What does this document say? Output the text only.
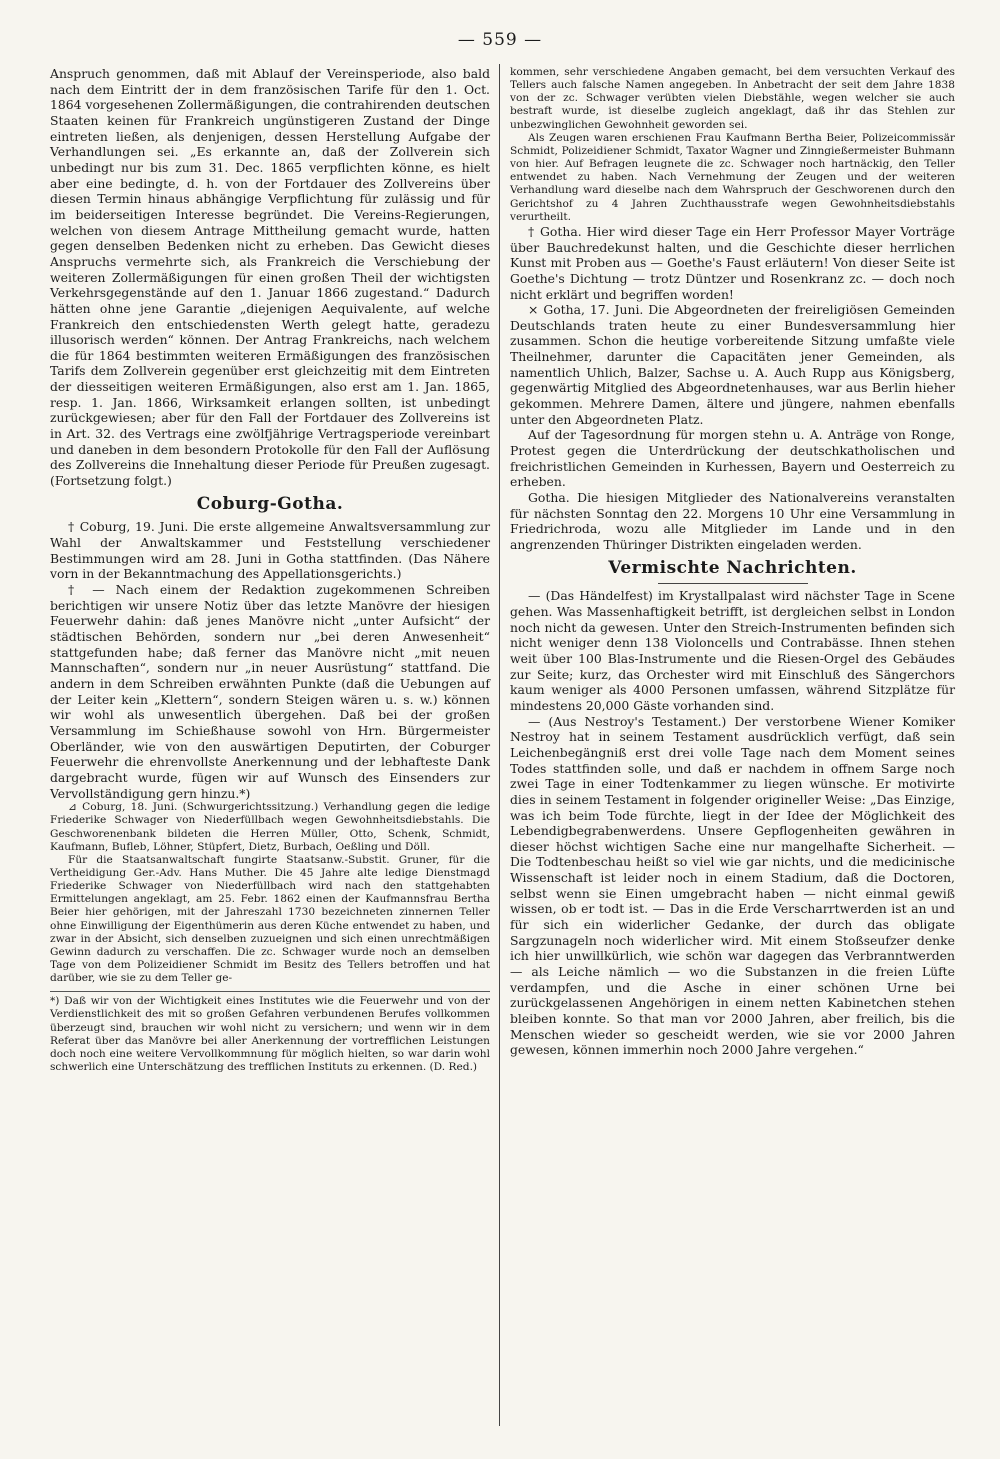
— 559 —

Anspruch genommen, daß mit Ablauf der Vereinsperiode, also bald nach dem Eintritt der in dem französischen Tarife für den 1. Oct. 1864 vorgesehenen Zollermäßigungen, die contrahirenden deutschen Staaten keinen für Frankreich ungünstigeren Zustand der Dinge eintreten ließen, als denjenigen, dessen Herstellung Aufgabe der Verhandlungen sei. „Es erkannte an, daß der Zollverein sich unbedingt nur bis zum 31. Dec. 1865 verpflichten könne, es hielt aber eine bedingte, d. h. von der Fortdauer des Zollvereins über diesen Termin hinaus abhängige Verpflichtung für zulässig und für im beiderseitigen Interesse begründet. Die Vereins-Regierungen, welchen von diesem Antrage Mittheilung gemacht wurde, hatten gegen denselben Bedenken nicht zu erheben. Das Gewicht dieses Anspruchs vermehrte sich, als Frankreich die Verschiebung der weiteren Zollermäßigungen für einen großen Theil der wichtigsten Verkehrsgegenstände auf den 1. Januar 1866 zugestand.“ Dadurch hätten ohne jene Garantie „diejenigen Aequivalente, auf welche Frankreich den entschiedensten Werth gelegt hatte, geradezu illusorisch werden“ können. Der Antrag Frankreichs, nach welchem die für 1864 bestimmten weiteren Ermäßigungen des französischen Tarifs dem Zollverein gegenüber erst gleichzeitig mit dem Eintreten der diesseitigen weiteren Ermäßigungen, also erst am 1. Jan. 1865, resp. 1. Jan. 1866, Wirksamkeit erlangen sollten, ist unbedingt zurückgewiesen; aber für den Fall der Fortdauer des Zollvereins ist in Art. 32. des Vertrags eine zwölfjährige Vertragsperiode vereinbart und daneben in dem besondern Protokolle für den Fall der Auflösung des Zollvereins die Innehaltung dieser Periode für Preußen zugesagt. (Fortsetzung folgt.)

Coburg-Gotha.

† Coburg, 19. Juni. Die erste allgemeine Anwaltsversammlung zur Wahl der Anwaltskammer und Feststellung verschiedener Bestimmungen wird am 28. Juni in Gotha stattfinden. (Das Nähere vorn in der Bekanntmachung des Appellationsgerichts.)

† — Nach einem der Redaktion zugekommenen Schreiben berichtigen wir unsere Notiz über das letzte Manövre der hiesigen Feuerwehr dahin: daß jenes Manövre nicht „unter Aufsicht“ der städtischen Behörden, sondern nur „bei deren Anwesenheit“ stattgefunden habe; daß ferner das Manövre nicht „mit neuen Mannschaften“, sondern nur „in neuer Ausrüstung“ stattfand. Die andern in dem Schreiben erwähnten Punkte (daß die Uebungen auf der Leiter kein „Klettern“, sondern Steigen wären u. s. w.) können wir wohl als unwesentlich übergehen. Daß bei der großen Versammlung im Schießhause sowohl von Hrn. Bürgermeister Oberländer, wie von den auswärtigen Deputirten, der Coburger Feuerwehr die ehrenvollste Anerkennung und der lebhafteste Dank dargebracht wurde, fügen wir auf Wunsch des Einsenders zur Vervollständigung gern hinzu.*)

⊿ Coburg, 18. Juni. (Schwurgerichtssitzung.) Verhandlung gegen die ledige Friederike Schwager von Niederfüllbach wegen Gewohnheitsdiebstahls. Die Geschworenenbank bildeten die Herren Müller, Otto, Schenk, Schmidt, Kaufmann, Bufleb, Löhner, Stüpfert, Dietz, Burbach, Oeßling und Döll.

Für die Staatsanwaltschaft fungirte Staatsanw.-Substit. Gruner, für die Vertheidigung Ger.-Adv. Hans Muther. Die 45 Jahre alte ledige Dienstmagd Friederike Schwager von Niederfüllbach wird nach den stattgehabten Ermittelungen angeklagt, am 25. Febr. 1862 einen der Kaufmannsfrau Bertha Beier hier gehörigen, mit der Jahreszahl 1730 bezeichneten zinnernen Teller ohne Einwilligung der Eigenthümerin aus deren Küche entwendet zu haben, und zwar in der Absicht, sich denselben zuzueignen und sich einen unrechtmäßigen Gewinn dadurch zu verschaffen. Die zc. Schwager wurde noch an demselben Tage von dem Polizeidiener Schmidt im Besitz des Tellers betroffen und hat darüber, wie sie zu dem Teller ge-

*) Daß wir von der Wichtigkeit eines Institutes wie die Feuerwehr und von der Verdienstlichkeit des mit so großen Gefahren verbundenen Berufes vollkommen überzeugt sind, brauchen wir wohl nicht zu versichern; und wenn wir in dem Referat über das Manövre bei aller Anerkennung der vortrefflichen Leistungen doch noch eine weitere Vervollkommnung für möglich hielten, so war darin wohl schwerlich eine Unterschätzung des trefflichen Instituts zu erkennen. (D. Red.)

kommen, sehr verschiedene Angaben gemacht, bei dem versuchten Verkauf des Tellers auch falsche Namen angegeben. In Anbetracht der seit dem Jahre 1838 von der zc. Schwager verübten vielen Diebstähle, wegen welcher sie auch bestraft wurde, ist dieselbe zugleich angeklagt, daß ihr das Stehlen zur unbezwinglichen Gewohnheit geworden sei.

Als Zeugen waren erschienen Frau Kaufmann Bertha Beier, Polizeicommissär Schmidt, Polizeidiener Schmidt, Taxator Wagner und Zinngießermeister Buhmann von hier. Auf Befragen leugnete die zc. Schwager noch hartnäckig, den Teller entwendet zu haben. Nach Vernehmung der Zeugen und der weiteren Verhandlung ward dieselbe nach dem Wahrspruch der Geschworenen durch den Gerichtshof zu 4 Jahren Zuchthausstrafe wegen Gewohnheitsdiebstahls verurtheilt.

† Gotha. Hier wird dieser Tage ein Herr Professor Mayer Vorträge über Bauchredekunst halten, und die Geschichte dieser herrlichen Kunst mit Proben aus — Goethe's Faust erläutern! Von dieser Seite ist Goethe's Dichtung — trotz Düntzer und Rosenkranz zc. — doch noch nicht erklärt und begriffen worden!

⨯ Gotha, 17. Juni. Die Abgeordneten der freireligiösen Gemeinden Deutschlands traten heute zu einer Bundesversammlung hier zusammen. Schon die heutige vorbereitende Sitzung umfaßte viele Theilnehmer, darunter die Capacitäten jener Gemeinden, als namentlich Uhlich, Balzer, Sachse u. A. Auch Rupp aus Königsberg, gegenwärtig Mitglied des Abgeordnetenhauses, war aus Berlin hieher gekommen. Mehrere Damen, ältere und jüngere, nahmen ebenfalls unter den Abgeordneten Platz.

Auf der Tagesordnung für morgen stehn u. A. Anträge von Ronge, Protest gegen die Unterdrückung der deutschkatholischen und freichristlichen Gemeinden in Kurhessen, Bayern und Oesterreich zu erheben.

Gotha. Die hiesigen Mitglieder des Nationalvereins veranstalten für nächsten Sonntag den 22. Morgens 10 Uhr eine Versammlung in Friedrichroda, wozu alle Mitglieder im Lande und in den angrenzenden Thüringer Distrikten eingeladen werden.

Vermischte Nachrichten.

— (Das Händelfest) im Krystallpalast wird nächster Tage in Scene gehen. Was Massenhaftigkeit betrifft, ist dergleichen selbst in London noch nicht da gewesen. Unter den Streich-Instrumenten befinden sich nicht weniger denn 138 Violoncells und Contrabässe. Ihnen stehen weit über 100 Blas-Instrumente und die Riesen-Orgel des Gebäudes zur Seite; kurz, das Orchester wird mit Einschluß des Sängerchors kaum weniger als 4000 Personen umfassen, während Sitzplätze für mindestens 20,000 Gäste vorhanden sind.

— (Aus Nestroy's Testament.) Der verstorbene Wiener Komiker Nestroy hat in seinem Testament ausdrücklich verfügt, daß sein Leichenbegängniß erst drei volle Tage nach dem Moment seines Todes stattfinden solle, und daß er nachdem in offnem Sarge noch zwei Tage in einer Todtenkammer zu liegen wünsche. Er motivirte dies in seinem Testament in folgender origineller Weise: „Das Einzige, was ich beim Tode fürchte, liegt in der Idee der Möglichkeit des Lebendigbegrabenwerdens. Unsere Gepflogenheiten gewähren in dieser höchst wichtigen Sache eine nur mangelhafte Sicherheit. — Die Todtenbeschau heißt so viel wie gar nichts, und die medicinische Wissenschaft ist leider noch in einem Stadium, daß die Doctoren, selbst wenn sie Einen umgebracht haben — nicht einmal gewiß wissen, ob er todt ist. — Das in die Erde Verscharrtwerden ist an und für sich ein widerlicher Gedanke, der durch das obligate Sargzunageln noch widerlicher wird. Mit einem Stoßseufzer denke ich hier unwillkürlich, wie schön war dagegen das Verbranntwerden — als Leiche nämlich — wo die Substanzen in die freien Lüfte verdampfen, und die Asche in einer schönen Urne bei zurückgelassenen Angehörigen in einem netten Kabinetchen stehen bleiben konnte. So that man vor 2000 Jahren, aber freilich, bis die Menschen wieder so gescheidt werden, wie sie vor 2000 Jahren gewesen, können immerhin noch 2000 Jahre vergehen.“
